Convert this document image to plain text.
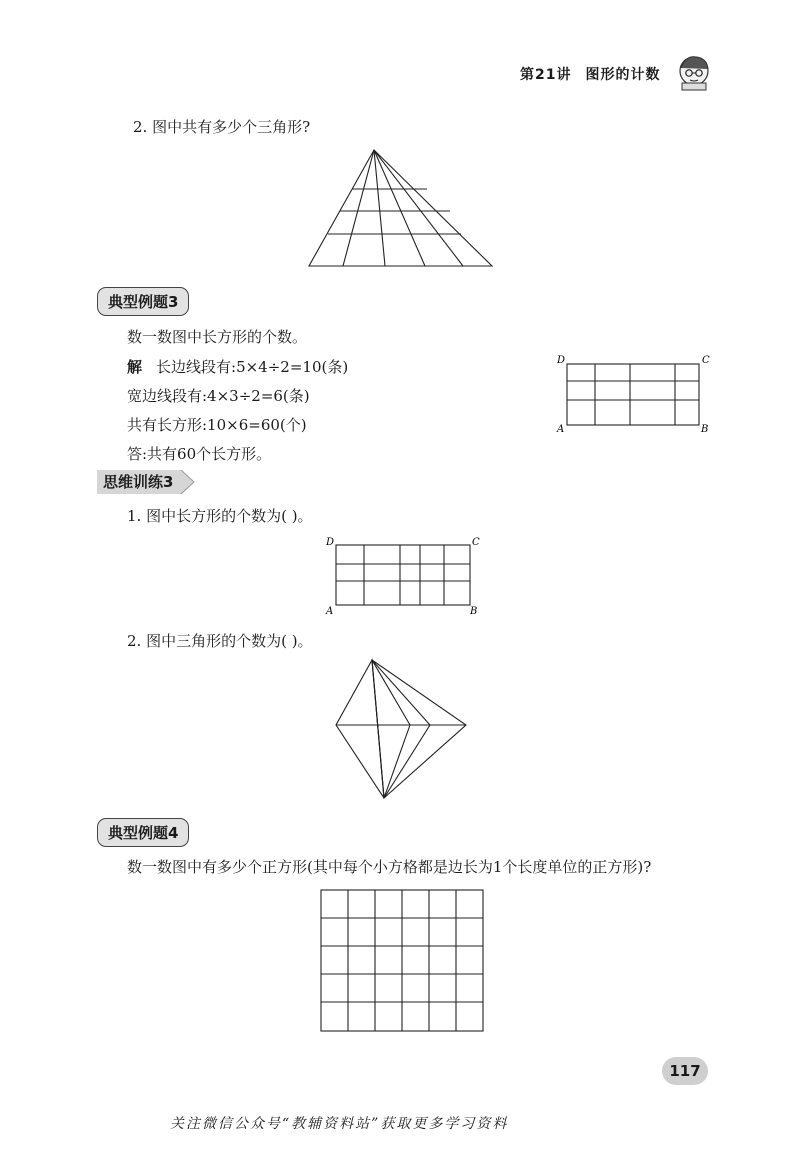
第21讲 图形的计数
2. 图中共有多少个三角形?
典型例题3
数一数图中长方形的个数。
解 长边线段有:5×4÷2=10(条)
宽边线段有:4×3÷2=6(条)
共有长方形:10×6=60(个)
答:共有60个长方形。
D	C
A	B
思维训练3
1. 图中长方形的个数为( )。
D	C
A	B
2. 图中三角形的个数为( )。
典型例题4
数一数图中有多少个正方形(其中每个小方格都是边长为1个长度单位的正方形)?
117
关注微信公众号“教辅资料站”获取更多学习资料
